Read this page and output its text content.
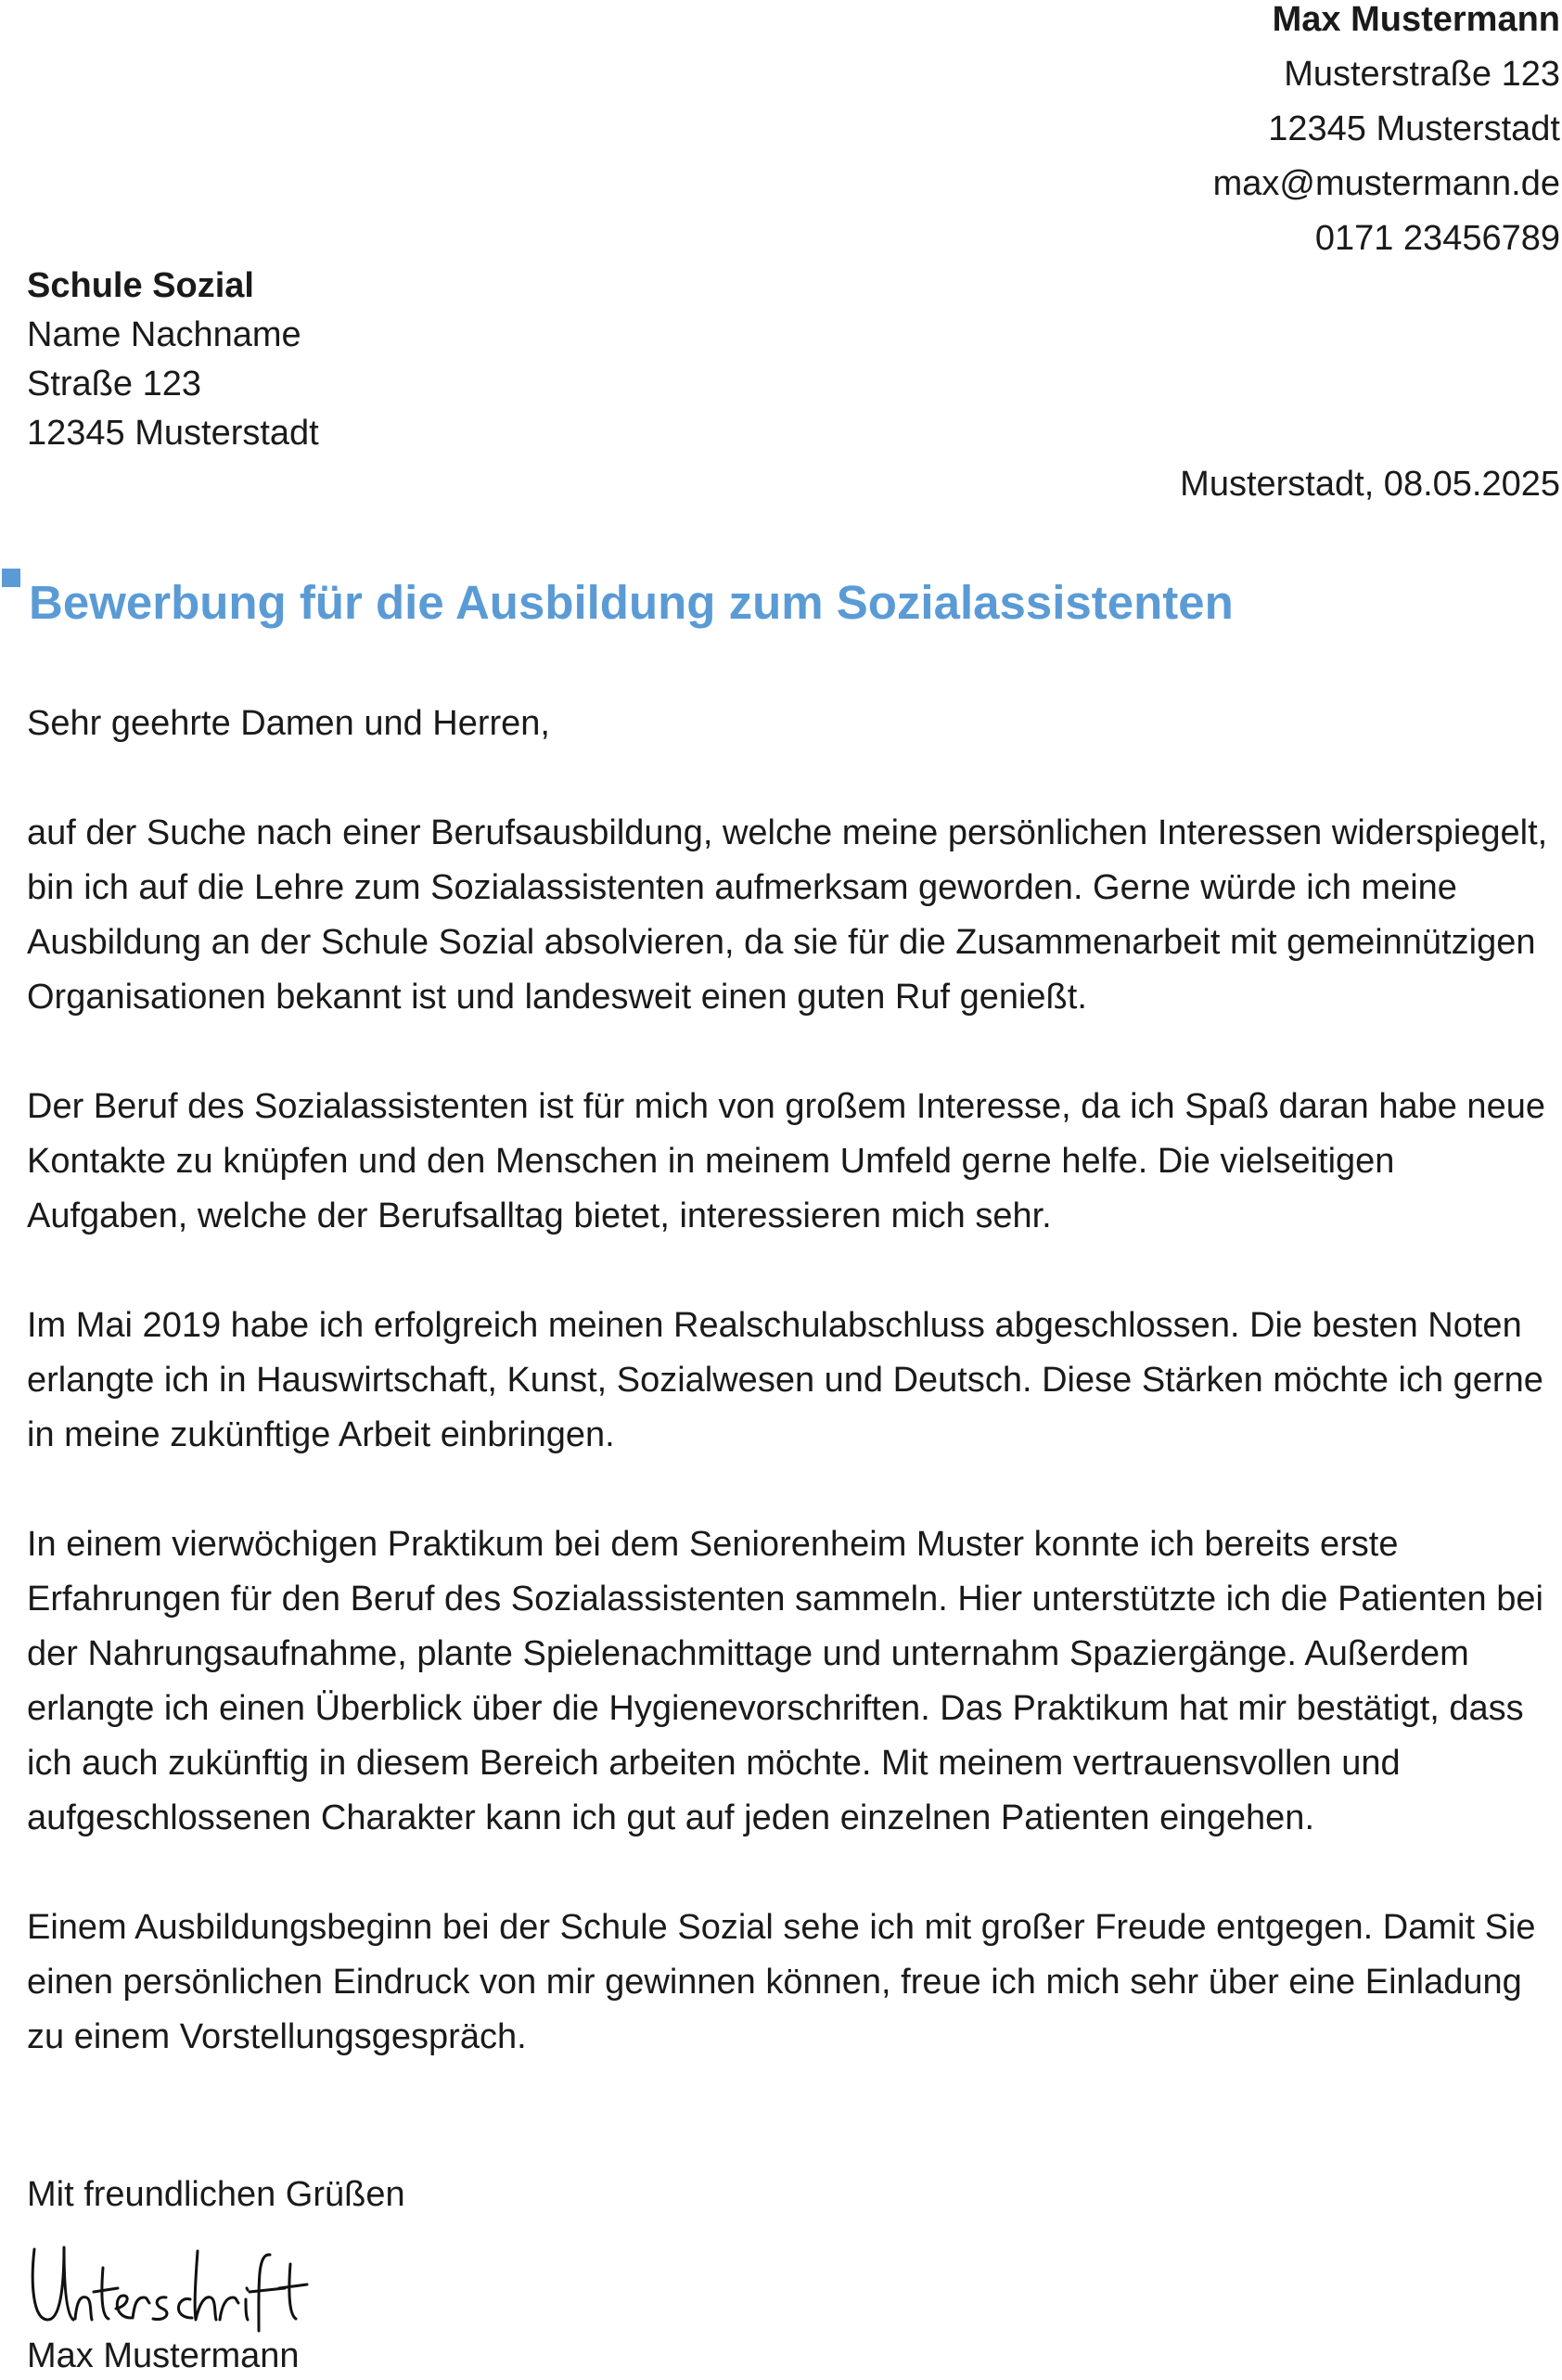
Max Mustermann
Musterstraße 123
12345 Musterstadt
max@mustermann.de
0171 23456789
Schule Sozial
Name Nachname
Straße 123
12345 Musterstadt
Musterstadt, 08.05.2025
Bewerbung für die Ausbildung zum Sozialassistenten

Sehr geehrte Damen und Herren,

auf der Suche nach einer Berufsausbildung, welche meine persönlichen Interessen widerspiegelt, bin ich auf die Lehre zum Sozialassistenten aufmerksam geworden. Gerne würde ich meine Ausbildung an der Schule Sozial absolvieren, da sie für die Zusammenarbeit mit gemeinnützigen Organisationen bekannt ist und landesweit einen guten Ruf genießt.

Der Beruf des Sozialassistenten ist für mich von großem Interesse, da ich Spaß daran habe neue Kontakte zu knüpfen und den Menschen in meinem Umfeld gerne helfe. Die vielseitigen Aufgaben, welche der Berufsalltag bietet, interessieren mich sehr.

Im Mai 2019 habe ich erfolgreich meinen Realschulabschluss abgeschlossen. Die besten Noten erlangte ich in Hauswirtschaft, Kunst, Sozialwesen und Deutsch. Diese Stärken möchte ich gerne in meine zukünftige Arbeit einbringen.

In einem vierwöchigen Praktikum bei dem Seniorenheim Muster konnte ich bereits erste Erfahrungen für den Beruf des Sozialassistenten sammeln. Hier unterstützte ich die Patienten bei der Nahrungsaufnahme, plante Spielenachmittage und unternahm Spaziergänge. Außerdem erlangte ich einen Überblick über die Hygienevorschriften. Das Praktikum hat mir bestätigt, dass ich auch zukünftig in diesem Bereich arbeiten möchte. Mit meinem vertrauensvollen und aufgeschlossenen Charakter kann ich gut auf jeden einzelnen Patienten eingehen.

Einem Ausbildungsbeginn bei der Schule Sozial sehe ich mit großer Freude entgegen. Damit Sie einen persönlichen Eindruck von mir gewinnen können, freue ich mich sehr über eine Einladung zu einem Vorstellungsgespräch.

Mit freundlichen Grüßen
Max Mustermann
